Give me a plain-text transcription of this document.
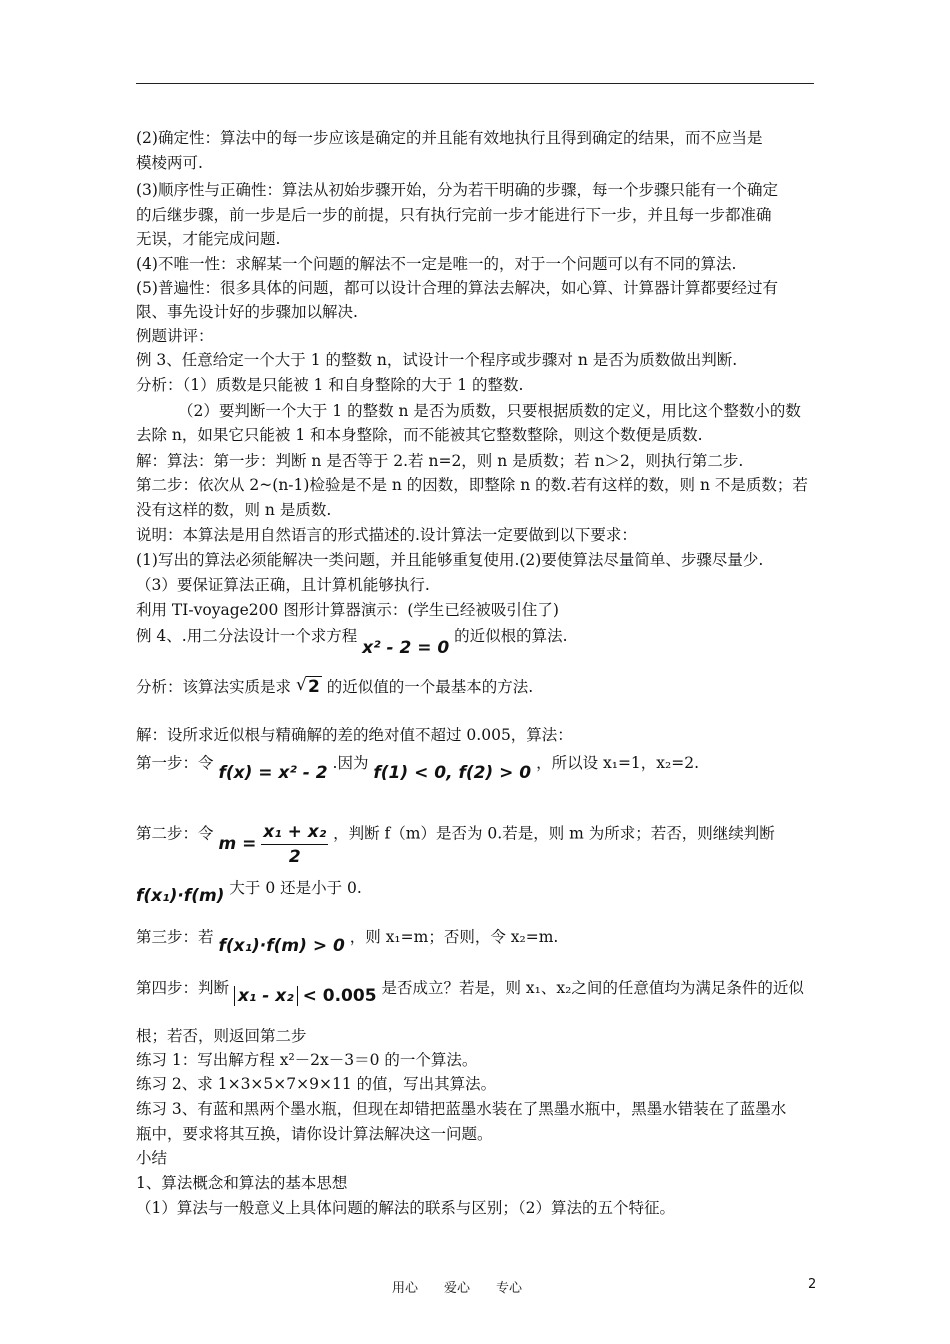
(2)确定性：算法中的每一步应该是确定的并且能有效地执行且得到确定的结果，而不应当是
模棱两可.
(3)顺序性与正确性：算法从初始步骤开始，分为若干明确的步骤，每一个步骤只能有一个确定
的后继步骤，前一步是后一步的前提，只有执行完前一步才能进行下一步，并且每一步都准确
无误，才能完成问题.
(4)不唯一性：求解某一个问题的解法不一定是唯一的，对于一个问题可以有不同的算法.
(5)普遍性：很多具体的问题，都可以设计合理的算法去解决，如心算、计算器计算都要经过有
限、事先设计好的步骤加以解决.
例题讲评：
例 3、任意给定一个大于 1 的整数 n，试设计一个程序或步骤对 n 是否为质数做出判断.
分析：（1）质数是只能被 1 和自身整除的大于 1 的整数.
（2）要判断一个大于 1 的整数 n 是否为质数，只要根据质数的定义，用比这个整数小的数
去除 n，如果它只能被 1 和本身整除，而不能被其它整数整除，则这个数便是质数.
解：算法：第一步：判断 n 是否等于 2.若 n=2，则 n 是质数；若 n＞2，则执行第二步.
第二步：依次从 2~(n-1)检验是不是 n 的因数，即整除 n 的数.若有这样的数，则 n 不是质数；若
没有这样的数，则 n 是质数.
说明：本算法是用自然语言的形式描述的.设计算法一定要做到以下要求：
(1)写出的算法必须能解决一类问题，并且能够重复使用.(2)要使算法尽量简单、步骤尽量少.
（3）要保证算法正确，且计算机能够执行.
利用 TI-voyage200 图形计算器演示：(学生已经被吸引住了)
例 4、.用二分法设计一个求方程 x² - 2 = 0 的近似根的算法.
分析：该算法实质是求 √ 2 的近似值的一个最基本的方法.
解：设所求近似根与精确解的差的绝对值不超过 0.005，算法：
第一步：令 f(x) = x² - 2 .因为 f(1) < 0, f(2) > 0 ，所以设 x₁=1，x₂=2.
第二步：令 $m = \frac{\text{x₁ + x₂}}{2}$ ，判断 f（m）是否为 0.若是，则 m 为所求；若否，则继续判断
f(x₁)·f(m) 大于 0 还是小于 0.
第三步：若 f(x₁)·f(m) > 0 ，则 x₁=m；否则，令 x₂=m.
第四步：判断 x₁ - x₂ < 0.005 是否成立？若是，则 x₁、x₂之间的任意值均为满足条件的近似
根；若否，则返回第二步
练习 1：写出解方程 x²－2x－3＝0 的一个算法。
练习 2、求 1×3×5×7×9×11 的值，写出其算法。
练习 3、有蓝和黑两个墨水瓶，但现在却错把蓝墨水装在了黑墨水瓶中，黑墨水错装在了蓝墨水
瓶中，要求将其互换，请你设计算法解决这一问题。
小结
1、算法概念和算法的基本思想
（1）算法与一般意义上具体问题的解法的联系与区别；（2）算法的五个特征。
用心　　爱心　　专心	2
